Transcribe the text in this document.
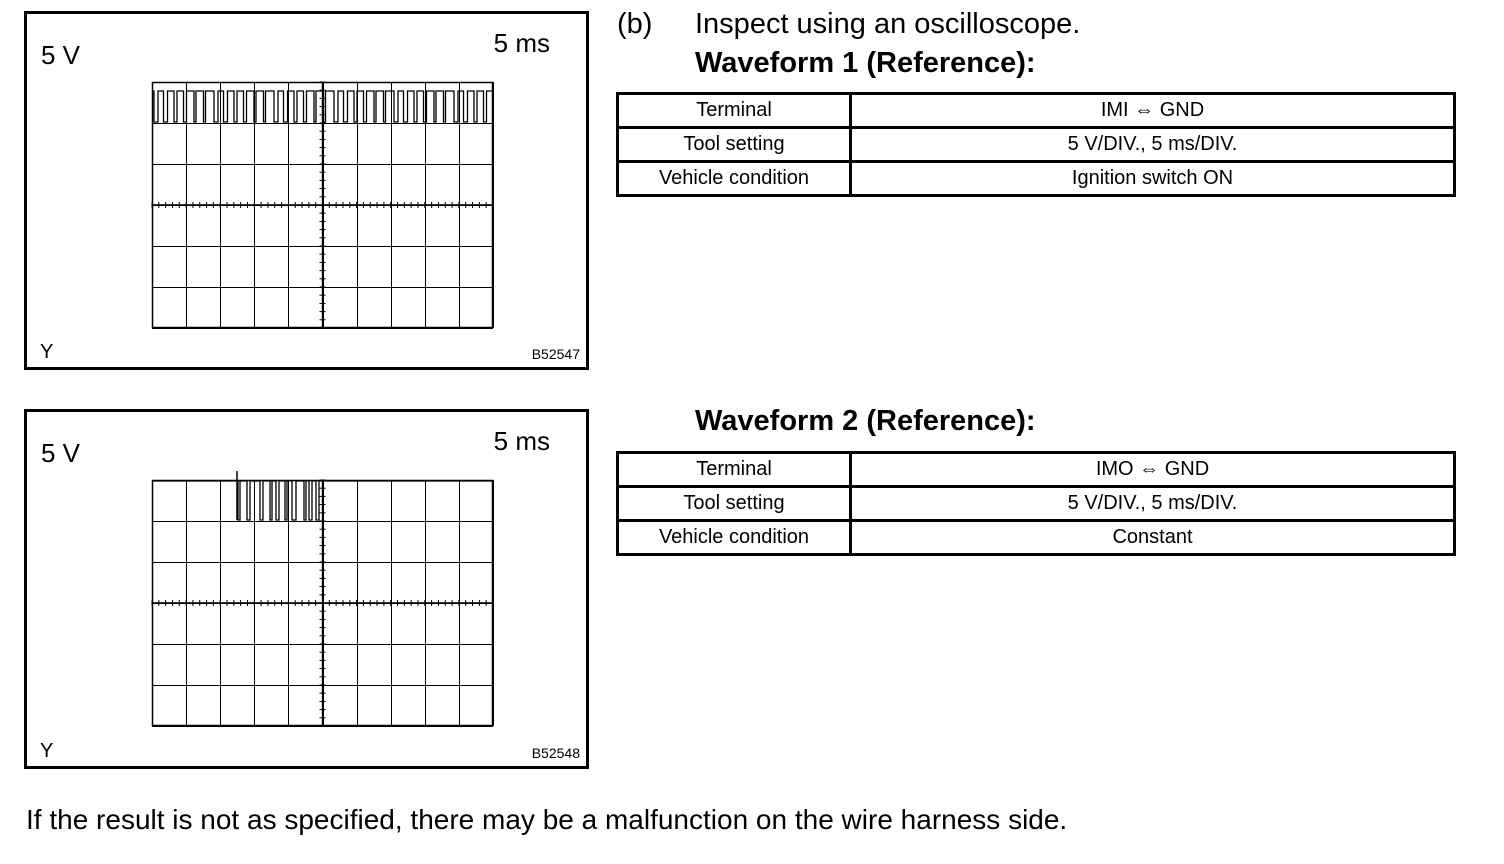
5 V	5 ms
Y	B52547
5 V	5 ms
Y	B52548
(b) Inspect using an oscilloscope.
Waveform 1 (Reference):
Terminal	IMI ⇔ GND
Tool setting	5 V/DIV., 5 ms/DIV.
Vehicle condition	Ignition switch ON
Waveform 2 (Reference):
Terminal	IMO ⇔ GND
Tool setting	5 V/DIV., 5 ms/DIV.
Vehicle condition	Constant
If the result is not as specified, there may be a malfunction on the wire harness side.
